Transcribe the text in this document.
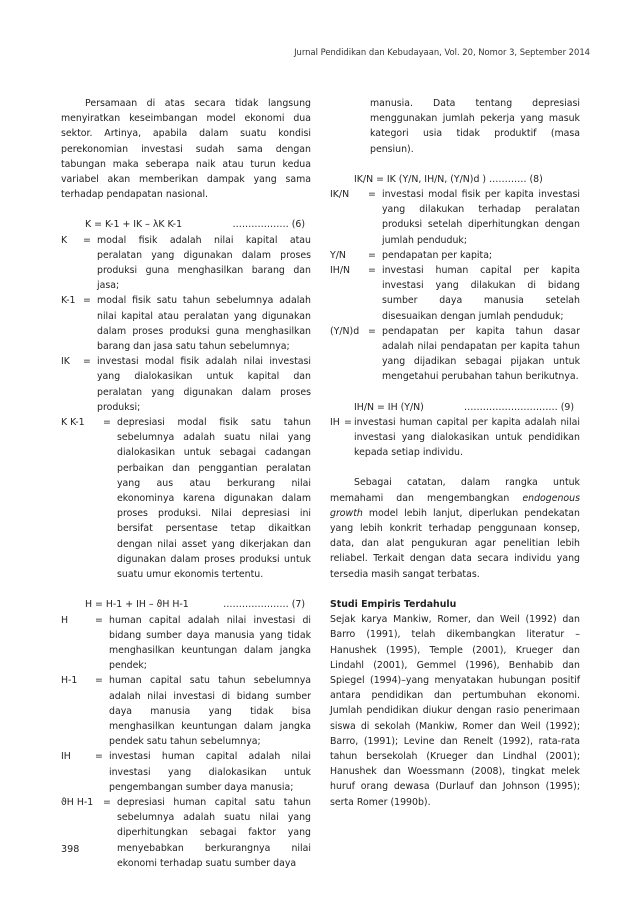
Jurnal Pendidikan dan Kebudayaan, Vol. 20, Nomor 3, September 2014

Persamaan di atas secara tidak langsung menyiratkan keseimbangan model ekonomi dua sektor. Artinya, apabila dalam suatu kondisi perekonomian investasi sudah sama dengan tabungan maka seberapa naik atau turun kedua variabel akan memberikan dampak yang sama terhadap pendapatan nasional.

K = K-1 + IK – λK K-1	……………… (6)
K	= modal fisik adalah nilai kapital atau peralatan yang digunakan dalam proses produksi guna menghasilkan barang dan jasa;
K-1 = modal fisik satu tahun sebelumnya adalah nilai kapital atau peralatan yang digunakan dalam proses produksi guna menghasilkan barang dan jasa satu tahun sebelumnya;
IK	= investasi modal fisik adalah nilai investasi yang dialokasikan untuk kapital dan peralatan yang digunakan dalam proses produksi;
K K-1	= depresiasi modal fisik satu tahun sebelumnya adalah suatu nilai yang dialokasikan untuk sebagai cadangan perbaikan dan penggantian peralatan yang aus atau berkurang nilai ekonominya karena digunakan dalam proses produksi. Nilai depresiasi ini bersifat persentase tetap dikaitkan dengan nilai asset yang dikerjakan dan digunakan dalam proses produksi untuk suatu umur ekonomis tertentu.
H = H-1 + IH – ϑH H-1	………………… (7)
H	= human capital adalah nilai investasi di bidang sumber daya manusia yang tidak menghasilkan keuntungan dalam jangka pendek;
H-1	= human capital satu tahun sebelumnya adalah nilai investasi di bidang sumber daya manusia yang tidak bisa menghasilkan keuntungan dalam jangka pendek satu tahun sebelumnya;
IH	= investasi human capital adalah nilai investasi yang dialokasikan untuk pengembangan sumber daya manusia;
ϑH H-1	= depresiasi human capital satu tahun sebelumnya adalah suatu nilai yang diperhitungkan sebagai faktor yang menyebabkan berkurangnya nilai ekonomi terhadap suatu sumber daya

manusia. Data tentang depresiasi menggunakan jumlah pekerja yang masuk kategori usia tidak produktif (masa pensiun).

IK/N = IK (Y/N, IH/N, (Y/N)d ) ………… (8)
IK/N	= investasi modal fisik per kapita investasi yang dilakukan terhadap peralatan produksi setelah diperhitungkan dengan jumlah penduduk;
Y/N	= pendapatan per kapita;
IH/N	= investasi human capital per kapita investasi yang dilakukan di bidang sumber daya manusia setelah disesuaikan dengan jumlah penduduk;
(Y/N)d = pendapatan per kapita tahun dasar adalah nilai pendapatan per kapita tahun yang dijadikan sebagai pijakan untuk mengetahui perubahan tahun berikutnya.
IH/N = IH (Y/N)	………………………… (9)
IH = investasi human capital per kapita adalah nilai investasi yang dialokasikan untuk pendidikan kepada setiap individu.

Sebagai catatan, dalam rangka untuk memahami dan mengembangkan endogenous growth model lebih lanjut, diperlukan pendekatan yang lebih konkrit terhadap penggunaan konsep, data, dan alat pengukuran agar penelitian lebih reliabel. Terkait dengan data secara individu yang tersedia masih sangat terbatas.

Studi Empiris Terdahulu

Sejak karya Mankiw, Romer, dan Weil (1992) dan Barro (1991), telah dikembangkan literatur – Hanushek (1995), Temple (2001), Krueger dan Lindahl (2001), Gemmel (1996), Benhabib dan Spiegel (1994)–yang menyatakan hubungan positif antara pendidikan dan pertumbuhan ekonomi. Jumlah pendidikan diukur dengan rasio penerimaan siswa di sekolah (Mankiw, Romer dan Weil (1992); Barro, (1991); Levine dan Renelt (1992), rata-rata tahun bersekolah (Krueger dan Lindhal (2001); Hanushek dan Woessmann (2008), tingkat melek huruf orang dewasa (Durlauf dan Johnson (1995); serta Romer (1990b).

398
